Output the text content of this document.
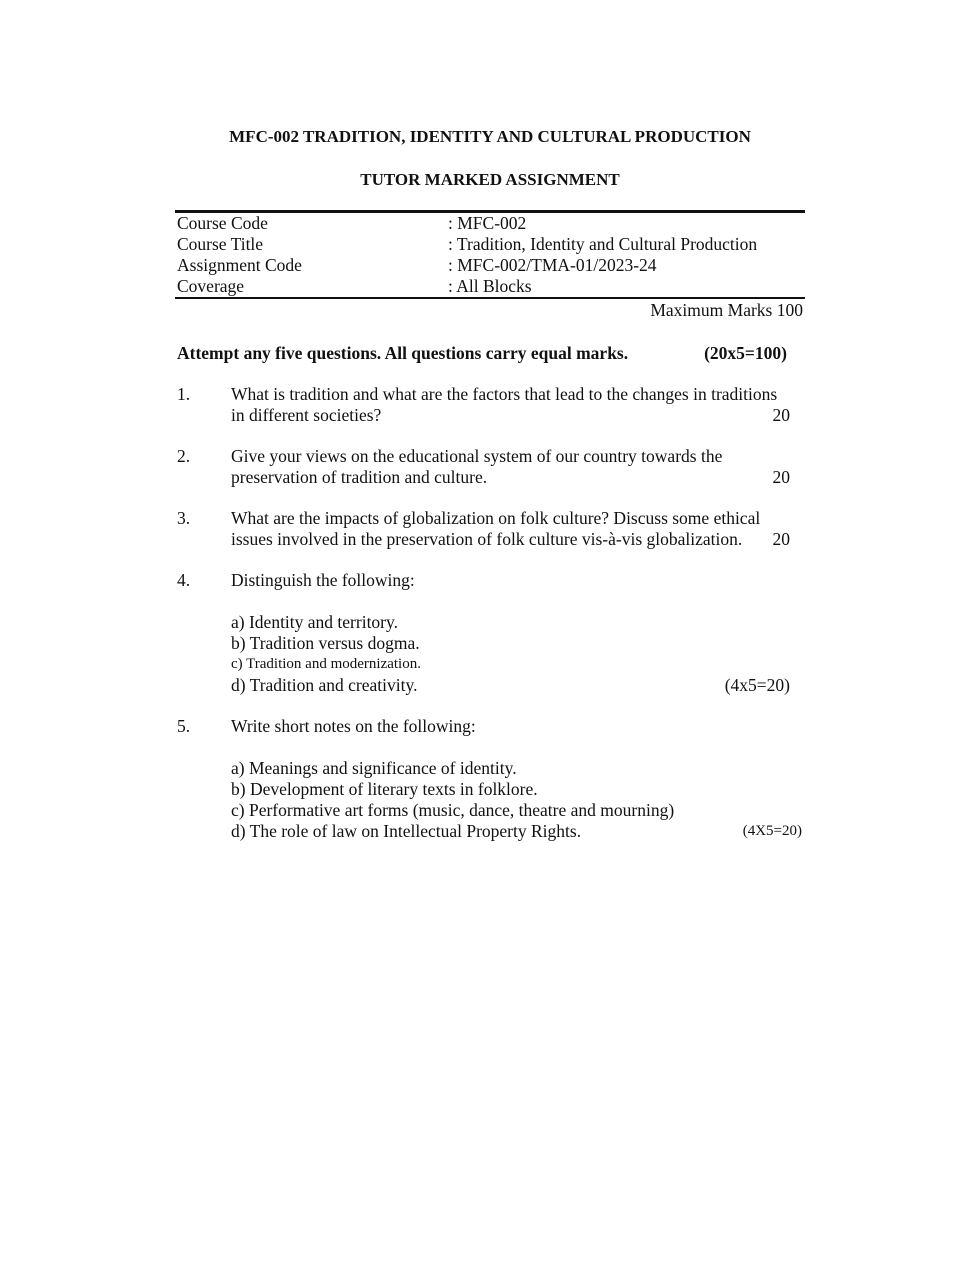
MFC-002 TRADITION, IDENTITY AND CULTURAL PRODUCTION
TUTOR MARKED ASSIGNMENT
Course Code	: MFC-002
Course Title	: Tradition, Identity and Cultural Production
Assignment Code	: MFC-002/TMA-01/2023-24
Coverage	: All Blocks
Maximum Marks 100
Attempt any five questions. All questions carry equal marks.	(20x5=100)
1. What is tradition and what are the factors that lead to the changes in traditions
in different societies?	20
2. Give your views on the educational system of our country towards the
preservation of tradition and culture.	20
3. What are the impacts of globalization on folk culture? Discuss some ethical
issues involved in the preservation of folk culture vis-à-vis globalization. 20
4. Distinguish the following:
a) Identity and territory.
b) Tradition versus dogma.
c) Tradition and modernization.
d) Tradition and creativity.	(4x5=20)
5. Write short notes on the following:
a) Meanings and significance of identity.
b) Development of literary texts in folklore.
c) Performative art forms (music, dance, theatre and mourning)
d) The role of law on Intellectual Property Rights.	(4X5=20)
